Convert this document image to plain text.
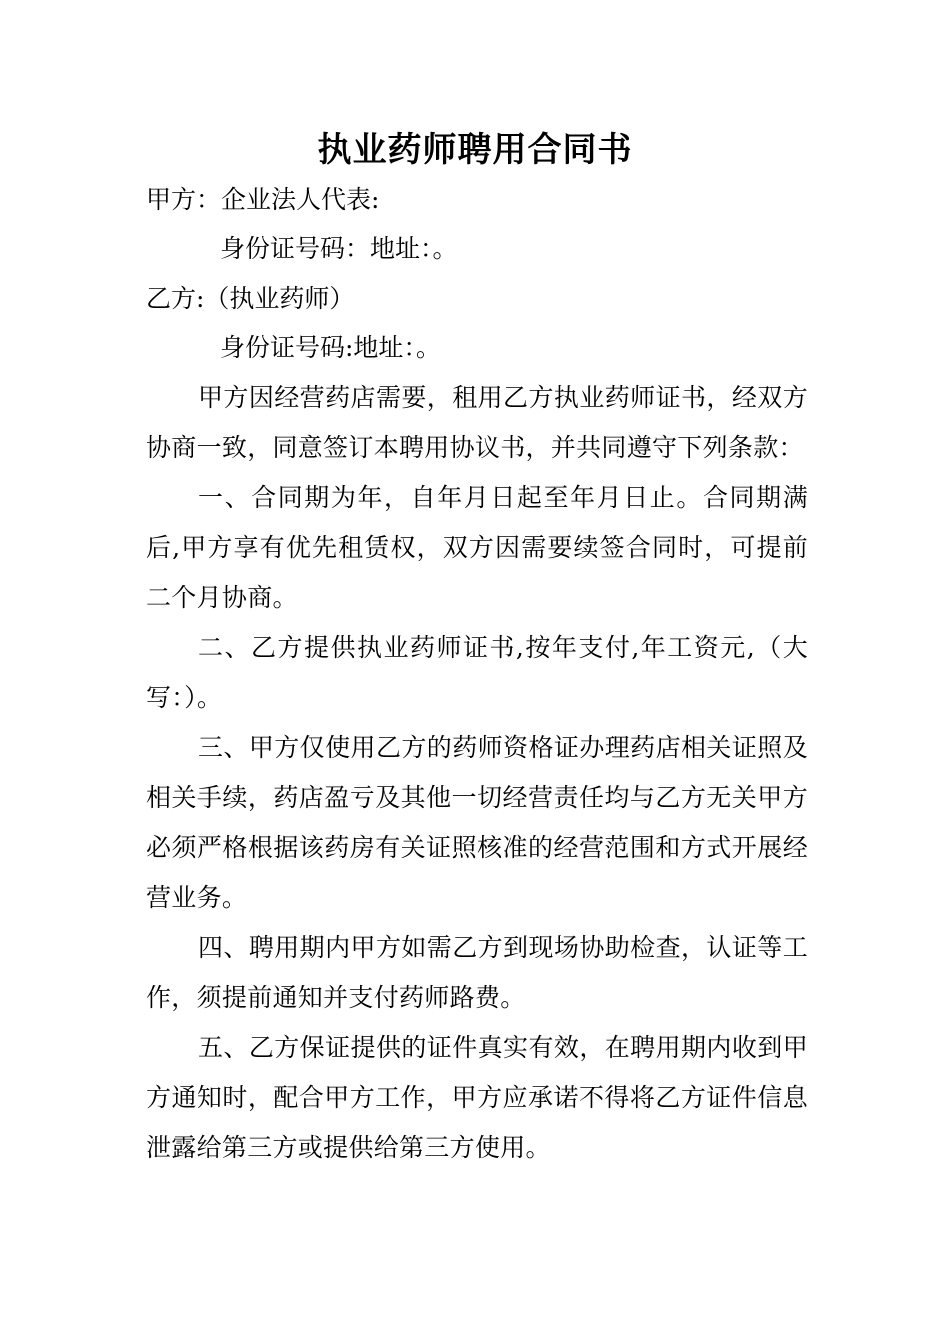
执业药师聘用合同书
甲方：企业法人代表:
身份证号码：地址：。
乙方:（执业药师）
身份证号码:地址：。

甲方因经营药店需要，租用乙方执业药师证书，经双方协商一致，同意签订本聘用协议书，并共同遵守下列条款：

一、合同期为年，自年月日起至年月日止。合同期满后,甲方享有优先租赁权，双方因需要续签合同时，可提前二个月协商。

二、乙方提供执业药师证书,按年支付,年工资元,（大写：）。

三、甲方仅使用乙方的药师资格证办理药店相关证照及相关手续，药店盈亏及其他一切经营责任均与乙方无关甲方必须严格根据该药房有关证照核准的经营范围和方式开展经营业务。

四、聘用期内甲方如需乙方到现场协助检查，认证等工作，须提前通知并支付药师路费。

五、乙方保证提供的证件真实有效，在聘用期内收到甲方通知时，配合甲方工作，甲方应承诺不得将乙方证件信息泄露给第三方或提供给第三方使用。
